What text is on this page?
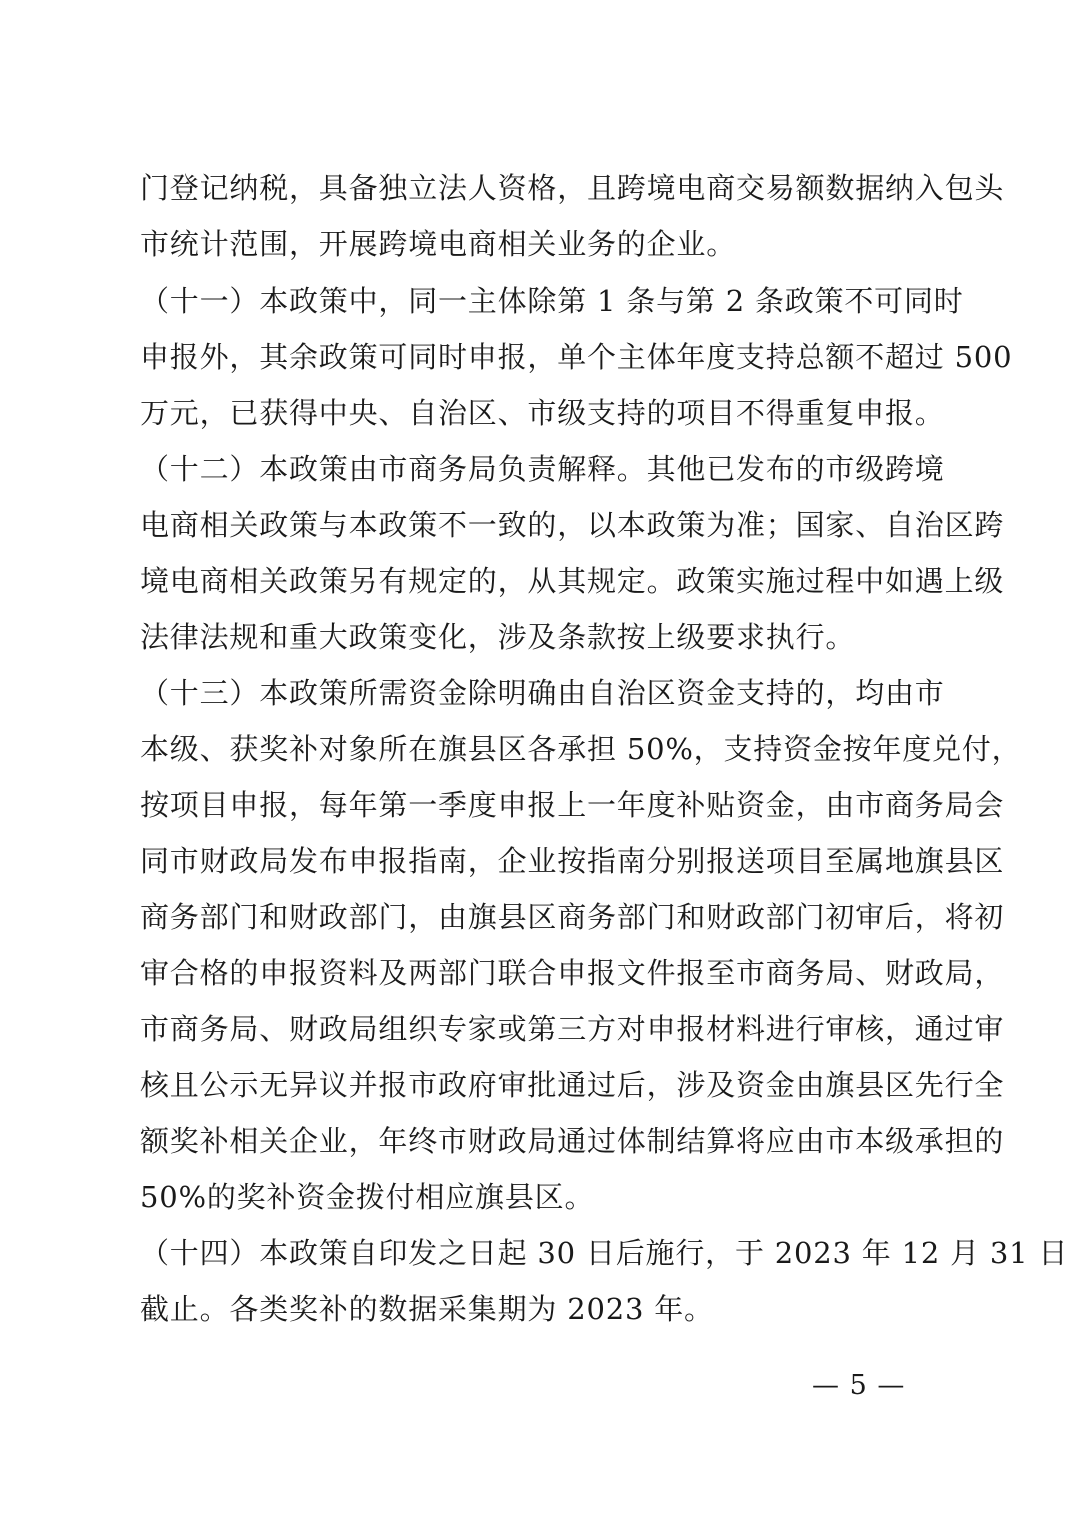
门登记纳税，具备独立法人资格，且跨境电商交易额数据纳入包头
市统计范围，开展跨境电商相关业务的企业。
（十一）本政策中，同一主体除第 1 条与第 2 条政策不可同时
申报外，其余政策可同时申报，单个主体年度支持总额不超过 500
万元，已获得中央、自治区、市级支持的项目不得重复申报。
（十二）本政策由市商务局负责解释。其他已发布的市级跨境
电商相关政策与本政策不一致的，以本政策为准；国家、自治区跨
境电商相关政策另有规定的，从其规定。政策实施过程中如遇上级
法律法规和重大政策变化，涉及条款按上级要求执行。
（十三）本政策所需资金除明确由自治区资金支持的，均由市
本级、获奖补对象所在旗县区各承担 50%，支持资金按年度兑付，
按项目申报，每年第一季度申报上一年度补贴资金，由市商务局会
同市财政局发布申报指南，企业按指南分别报送项目至属地旗县区
商务部门和财政部门，由旗县区商务部门和财政部门初审后，将初
审合格的申报资料及两部门联合申报文件报至市商务局、财政局，
市商务局、财政局组织专家或第三方对申报材料进行审核，通过审
核且公示无异议并报市政府审批通过后，涉及资金由旗县区先行全
额奖补相关企业，年终市财政局通过体制结算将应由市本级承担的
50%的奖补资金拨付相应旗县区。
（十四）本政策自印发之日起 30 日后施行，于 2023 年 12 月 31 日
截止。各类奖补的数据采集期为 2023 年。
— 5 —
